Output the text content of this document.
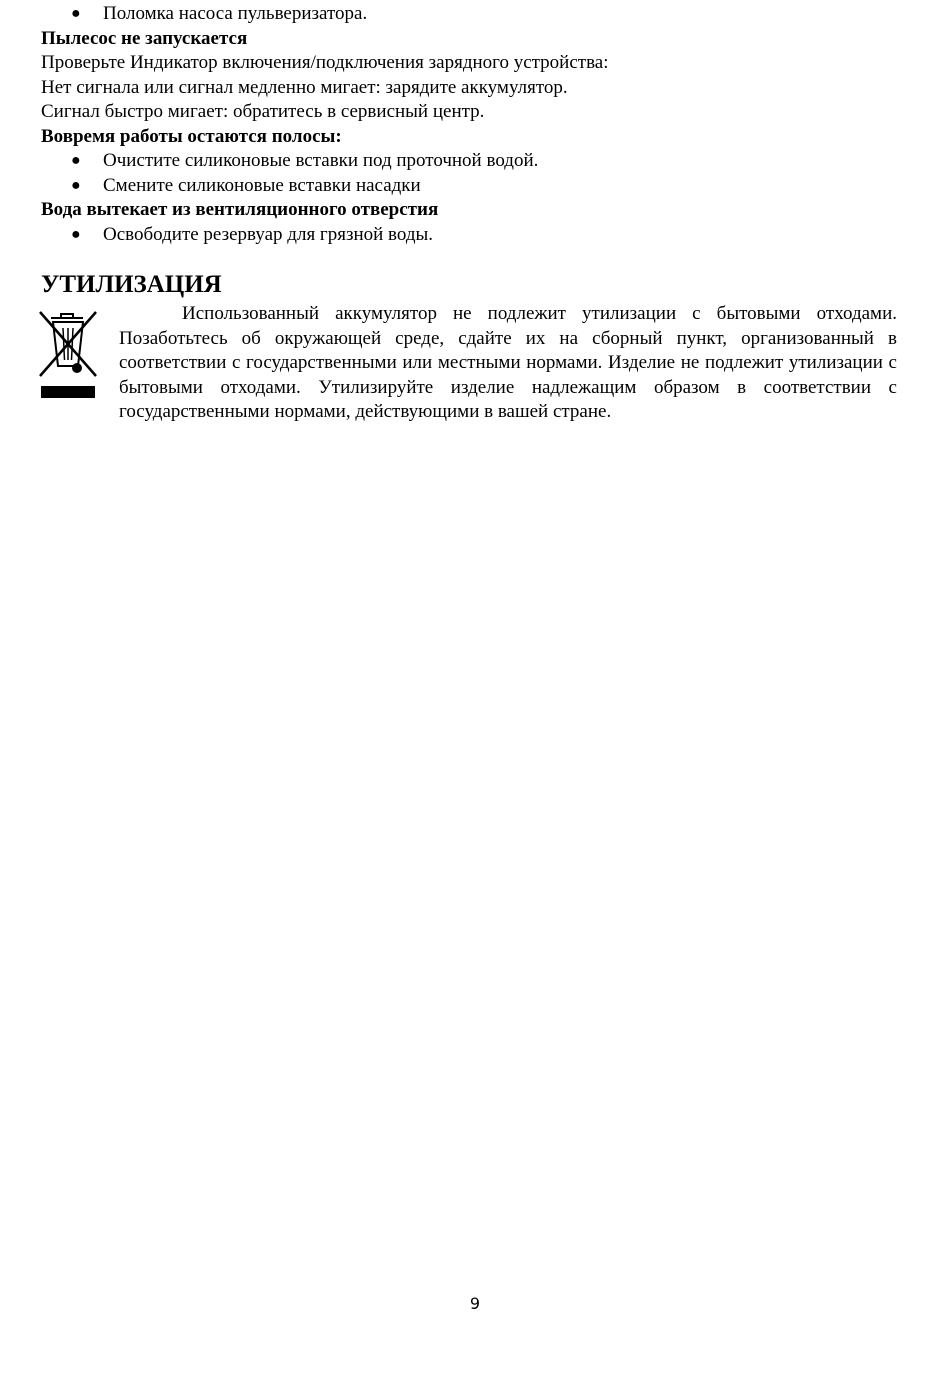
● Поломка насоса пульверизатора.
Пылесос не запускается
Проверьте Индикатор включения/подключения зарядного устройства:
Нет сигнала или сигнал медленно мигает: зарядите аккумулятор.
Сигнал быстро мигает: обратитесь в сервисный центр.
Вовремя работы остаются полосы:
● Очистите силиконовые вставки под проточной водой.
● Смените силиконовые вставки насадки
Вода вытекает из вентиляционного отверстия
● Освободите резервуар для грязной воды.
УТИЛИЗАЦИЯ
Использованный аккумулятор не подлежит утилизации с бытовыми отходами. Позаботьтесь об окружающей среде, сдайте их на сборный пункт, организованный в соответствии с государственными или местными нормами. Изделие не подлежит утилизации с бытовыми отходами. Утилизируйте изделие надлежащим образом в соответствии с государственными нормами, действующими в вашей стране.
9
